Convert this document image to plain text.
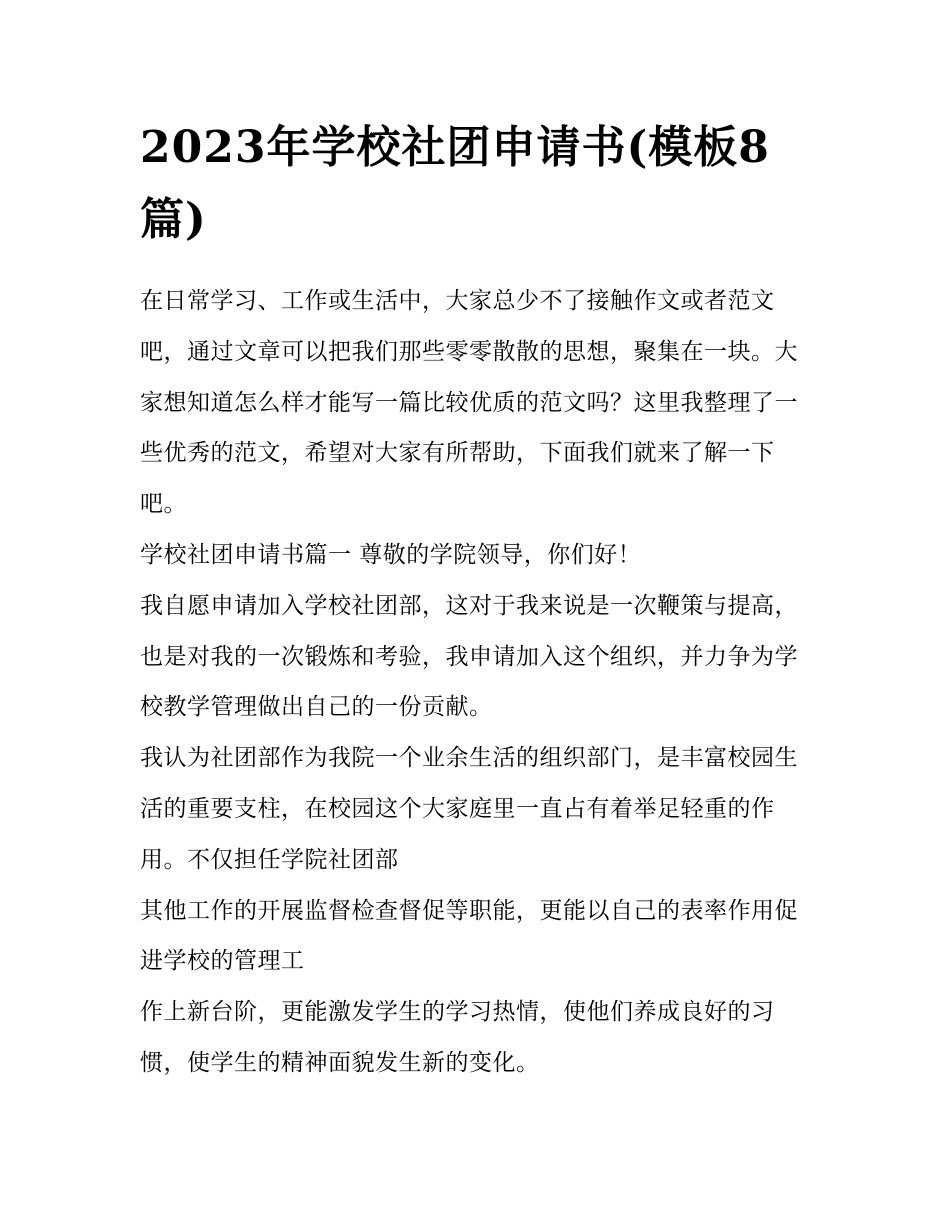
2023年学校社团申请书(模板8篇)

在日常学习、工作或生活中，大家总少不了接触作文或者范文吧，通过文章可以把我们那些零零散散的思想，聚集在一块。大家想知道怎么样才能写一篇比较优质的范文吗？这里我整理了一些优秀的范文，希望对大家有所帮助，下面我们就来了解一下吧。

学校社团申请书篇一 尊敬的学院领导，你们好！

我自愿申请加入学校社团部，这对于我来说是一次鞭策与提高，也是对我的一次锻炼和考验，我申请加入这个组织，并力争为学校教学管理做出自己的一份贡献。

我认为社团部作为我院一个业余生活的组织部门，是丰富校园生活的重要支柱，在校园这个大家庭里一直占有着举足轻重的作用。不仅担任学院社团部

其他工作的开展监督检查督促等职能，更能以自己的表率作用促进学校的管理工

作上新台阶，更能激发学生的学习热情，使他们养成良好的习惯，使学生的精神面貌发生新的变化。
